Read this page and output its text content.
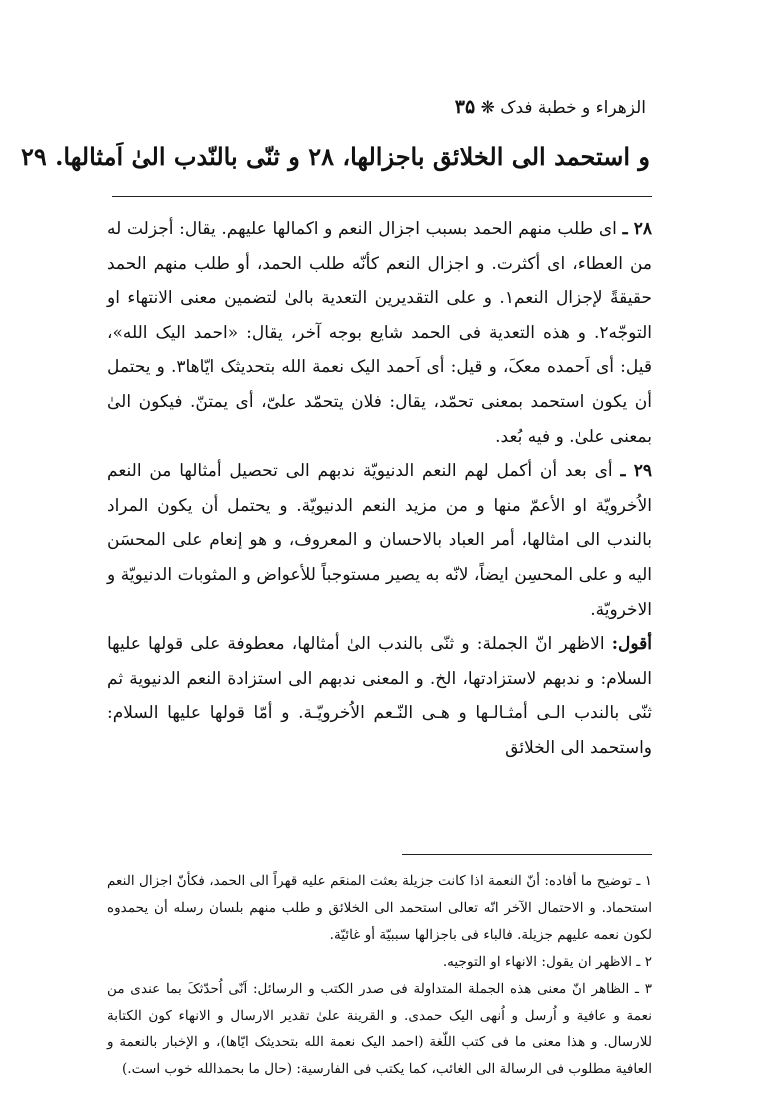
الزهراء و خطبة فدک ❋ ۳۵
و استحمد الی الخلائق باجزالها، ۲۸ و ثنّی بالنّدب الیٰ اَمثالها. ۲۹

۲۸ ـ ای طلب منهم الحمد بسبب اجزال النعم و اکمالها علیهم. یقال: أجزلت له من العطاء، ای أکثرت. و اجزال النعم کأنّه طلب الحمد، أو طلب منهم الحمد حقیقةً لإجزال النعم۱. و علی التقدیرین التعدیة بالیٰ لتضمین معنی الانتهاء او التوجّه۲. و هذه التعدیة فی الحمد شایع بوجه آخر، یقال: «احمد الیک الله»، قیل: أی اَحمده معکَ، و قیل: أی اَحمد الیک نعمة الله بتحدیثک ایّاها۳. و یحتمل أن یکون استحمد بمعنی تحمّد، یقال: فلان یتحمّد علیّ، أی یمتنّ. فیکون الیٰ بمعنی علیٰ. و فیه بُعد.

۲۹ ـ أی بعد أن أکمل لهم النعم الدنیویّة ندبهم الی تحصیل أمثالها من النعم الاُخرویّة او الأعمّ منها و من مزید النعم الدنیویّة. و یحتمل أن یکون المراد بالندب الی امثالها، أمر العباد بالاحسان و المعروف، و هو إنعام علی المحسَن الیه و علی المحسِن ایضاً، لانّه به یصیر مستوجباً للأعواض و المثوبات الدنیویّة و الاخرویّة.

أقول: الاظهر انّ الجملة: و ثنّی بالندب الیٰ أمثالها، معطوفة علی قولها علیها السلام: و ندبهم لاستزادتها، الخ. و المعنی ندبهم الی استزادة النعم الدنیویة ثم ثنّی بالندب الـی أمثـالـها و هـی النّـعم الاُخرویّـة. و أمّا قولها علیها السلام: واستحمد الی الخلائق

۱ ـ توضیح ما أفاده: أنّ النعمة اذا کانت جزیلة بعثت المنعَم علیه قهراً الی الحمد، فکأنّ اجزال النعم استحماد. و الاحتمال الآخر انّه تعالی استحمد الی الخلائق و طلب منهم بلسان رسله أن یحمدوه لکون نعمه علیهم جزیلة. فالباء فی باجزالها سببیّة أو غائیّة.

۲ ـ الاظهر ان یقول: الانهاء او التوجیه.

۳ ـ الظاهر انّ معنی هذه الجملة المتداولة فی صدر الکتب و الرسائل: اَنّی اُحدّثکَ بما عندی من نعمة و عافیة و اُرسل و اُنهی الیک حمدی. و القرینة علیٰ تقدیر الارسال و الانهاء کون الکتابة للارسال. و هذا معنی ما فی کتب اللّغة (احمد الیک نعمة الله بتحدیثک ایّاها)، و الإخبار بالنعمة و العافیة مطلوب فی الرسالة الی الغائب، کما یکتب فی الفارسیة: (حال ما بحمدالله خوب است.)
